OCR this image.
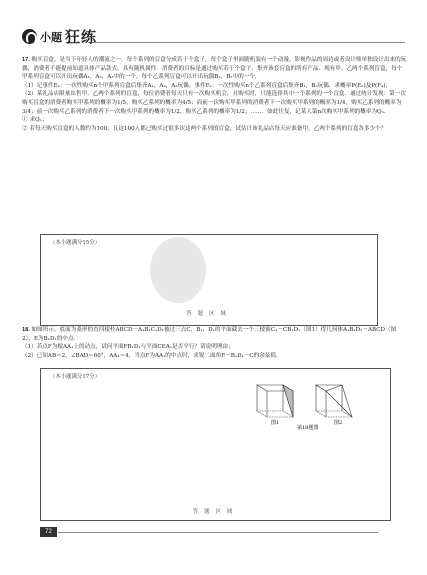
小题 狂练

17. 购买盲盒，是当下年轻人的潮流之一．每个系列的盲盒分成若干个盒子，每个盒子里面随机装有一个动漫、影视作品的周边或者设计师单独设计出来的玩偶，消费者不能提前知道具体产品款式，具有随机属性．消费者的目标是通过购买若干个盒子，集齐该套盲盒的所有产品．现有甲、乙两个系列盲盒，每个甲系列盲盒可以开出玩偶A₁，A₂，A₃中的一个，每个乙系列盲盒可以开出玩偶B₁，B₂中的一个．

（1）记事件Eₙ：一次性购买n个甲系列盲盒后集齐A₁，A₂，A₃玩偶；事件Fₙ：一次性购买n个乙系列盲盒后集齐B₁，B₂玩偶．求概率P(E₆)及P(F₄)；

（2）某礼品店限量出售甲、乙两个系列的盲盒，每位消费者每天只有一次购买机会，且购买时，只能选择其中一个系列的一个盲盒．通过统计发现：第一次购买盲盒的消费者购买甲系列的概率为1/5，购买乙系列的概率为4/5；而前一次购买甲系列的消费者下一次购买甲系列的概率为1/4，购买乙系列的概率为3/4；前一次购买乙系列的消费者下一次购买甲系列的概率为1/2，购买乙系列的概率为1/2；……．如此往复，记某人第n次购买甲系列的概率为Qₙ．

① 求Qₙ；

② 若每天购买盲盒的人数约为100，且这100人都已购买过很多次这两个系列的盲盒，试估计该礼品店每天应准备甲、乙两个系列的盲盒各多少个？

（本小题满分15分）
答题区域

18. 如图所示，底面为菱形的直四棱柱ABCD－A₁B₁C₁D₁被过三点C，B₁，D₁的平面截去一个三棱锥C₁－CB₁D₁（图1）得几何体A₁B₁D₁－ABCD（图2），E为B₁D₁的中点．

（1）若点F为棱AA₁上的动点，试问平面FB₁D₁与平面CEA₁是否平行？请说明理由；

（2）已知AB＝2，∠BAD＝60°，AA₁＝4，当点F为AA₁的中点时，求锐二面角F－B₁D₁－C的余弦值．

（本小题满分17分）
答题区域
图1	图2
第18题图
72
